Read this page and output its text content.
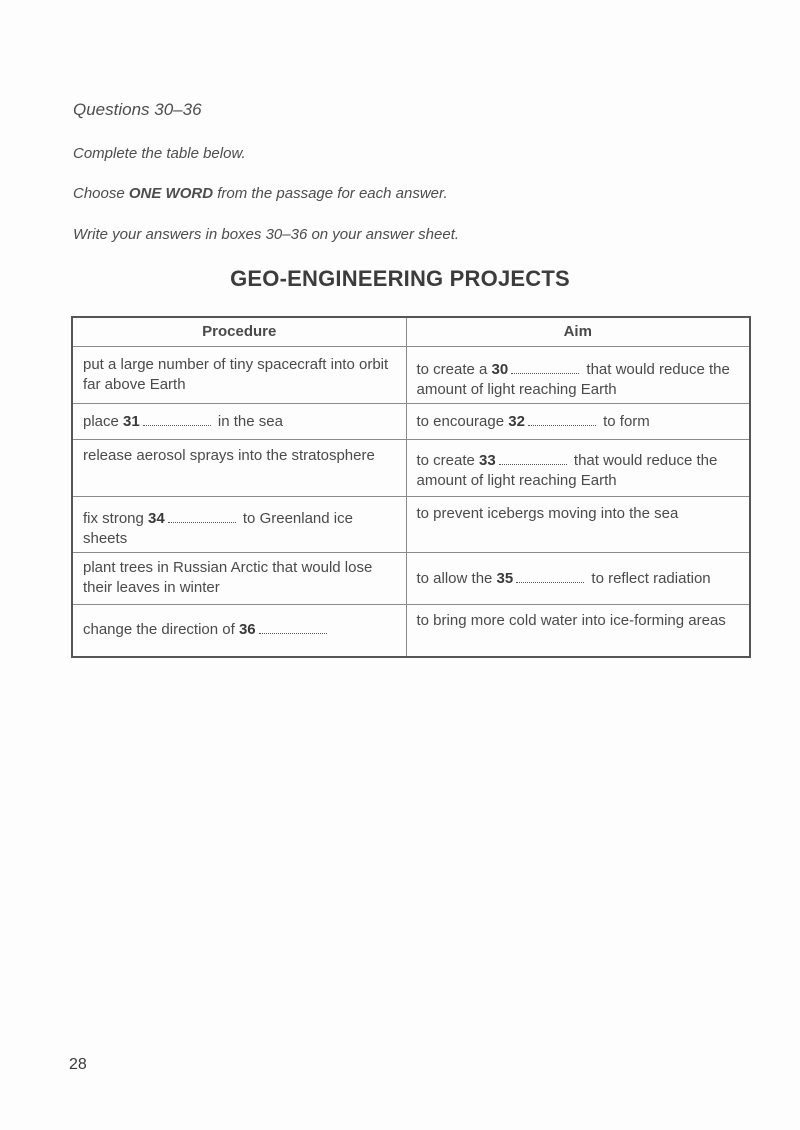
Questions 30–36

Complete the table below.

Choose ONE WORD from the passage for each answer.

Write your answers in boxes 30–36 on your answer sheet.

GEO-ENGINEERING PROJECTS
Procedure	Aim
put a large number of tiny spacecraft into orbit far above Earth	to create a 30 that would reduce the amount of light reaching Earth
place 31 in the sea	to encourage 32 to form
release aerosol sprays into the stratosphere	to create 33 that would reduce the amount of light reaching Earth
fix strong 34 to Greenland ice sheets	to prevent icebergs moving into the sea
plant trees in Russian Arctic that would lose their leaves in winter	to allow the 35 to reflect radiation
change the direction of 36	to bring more cold water into ice-forming areas
28
